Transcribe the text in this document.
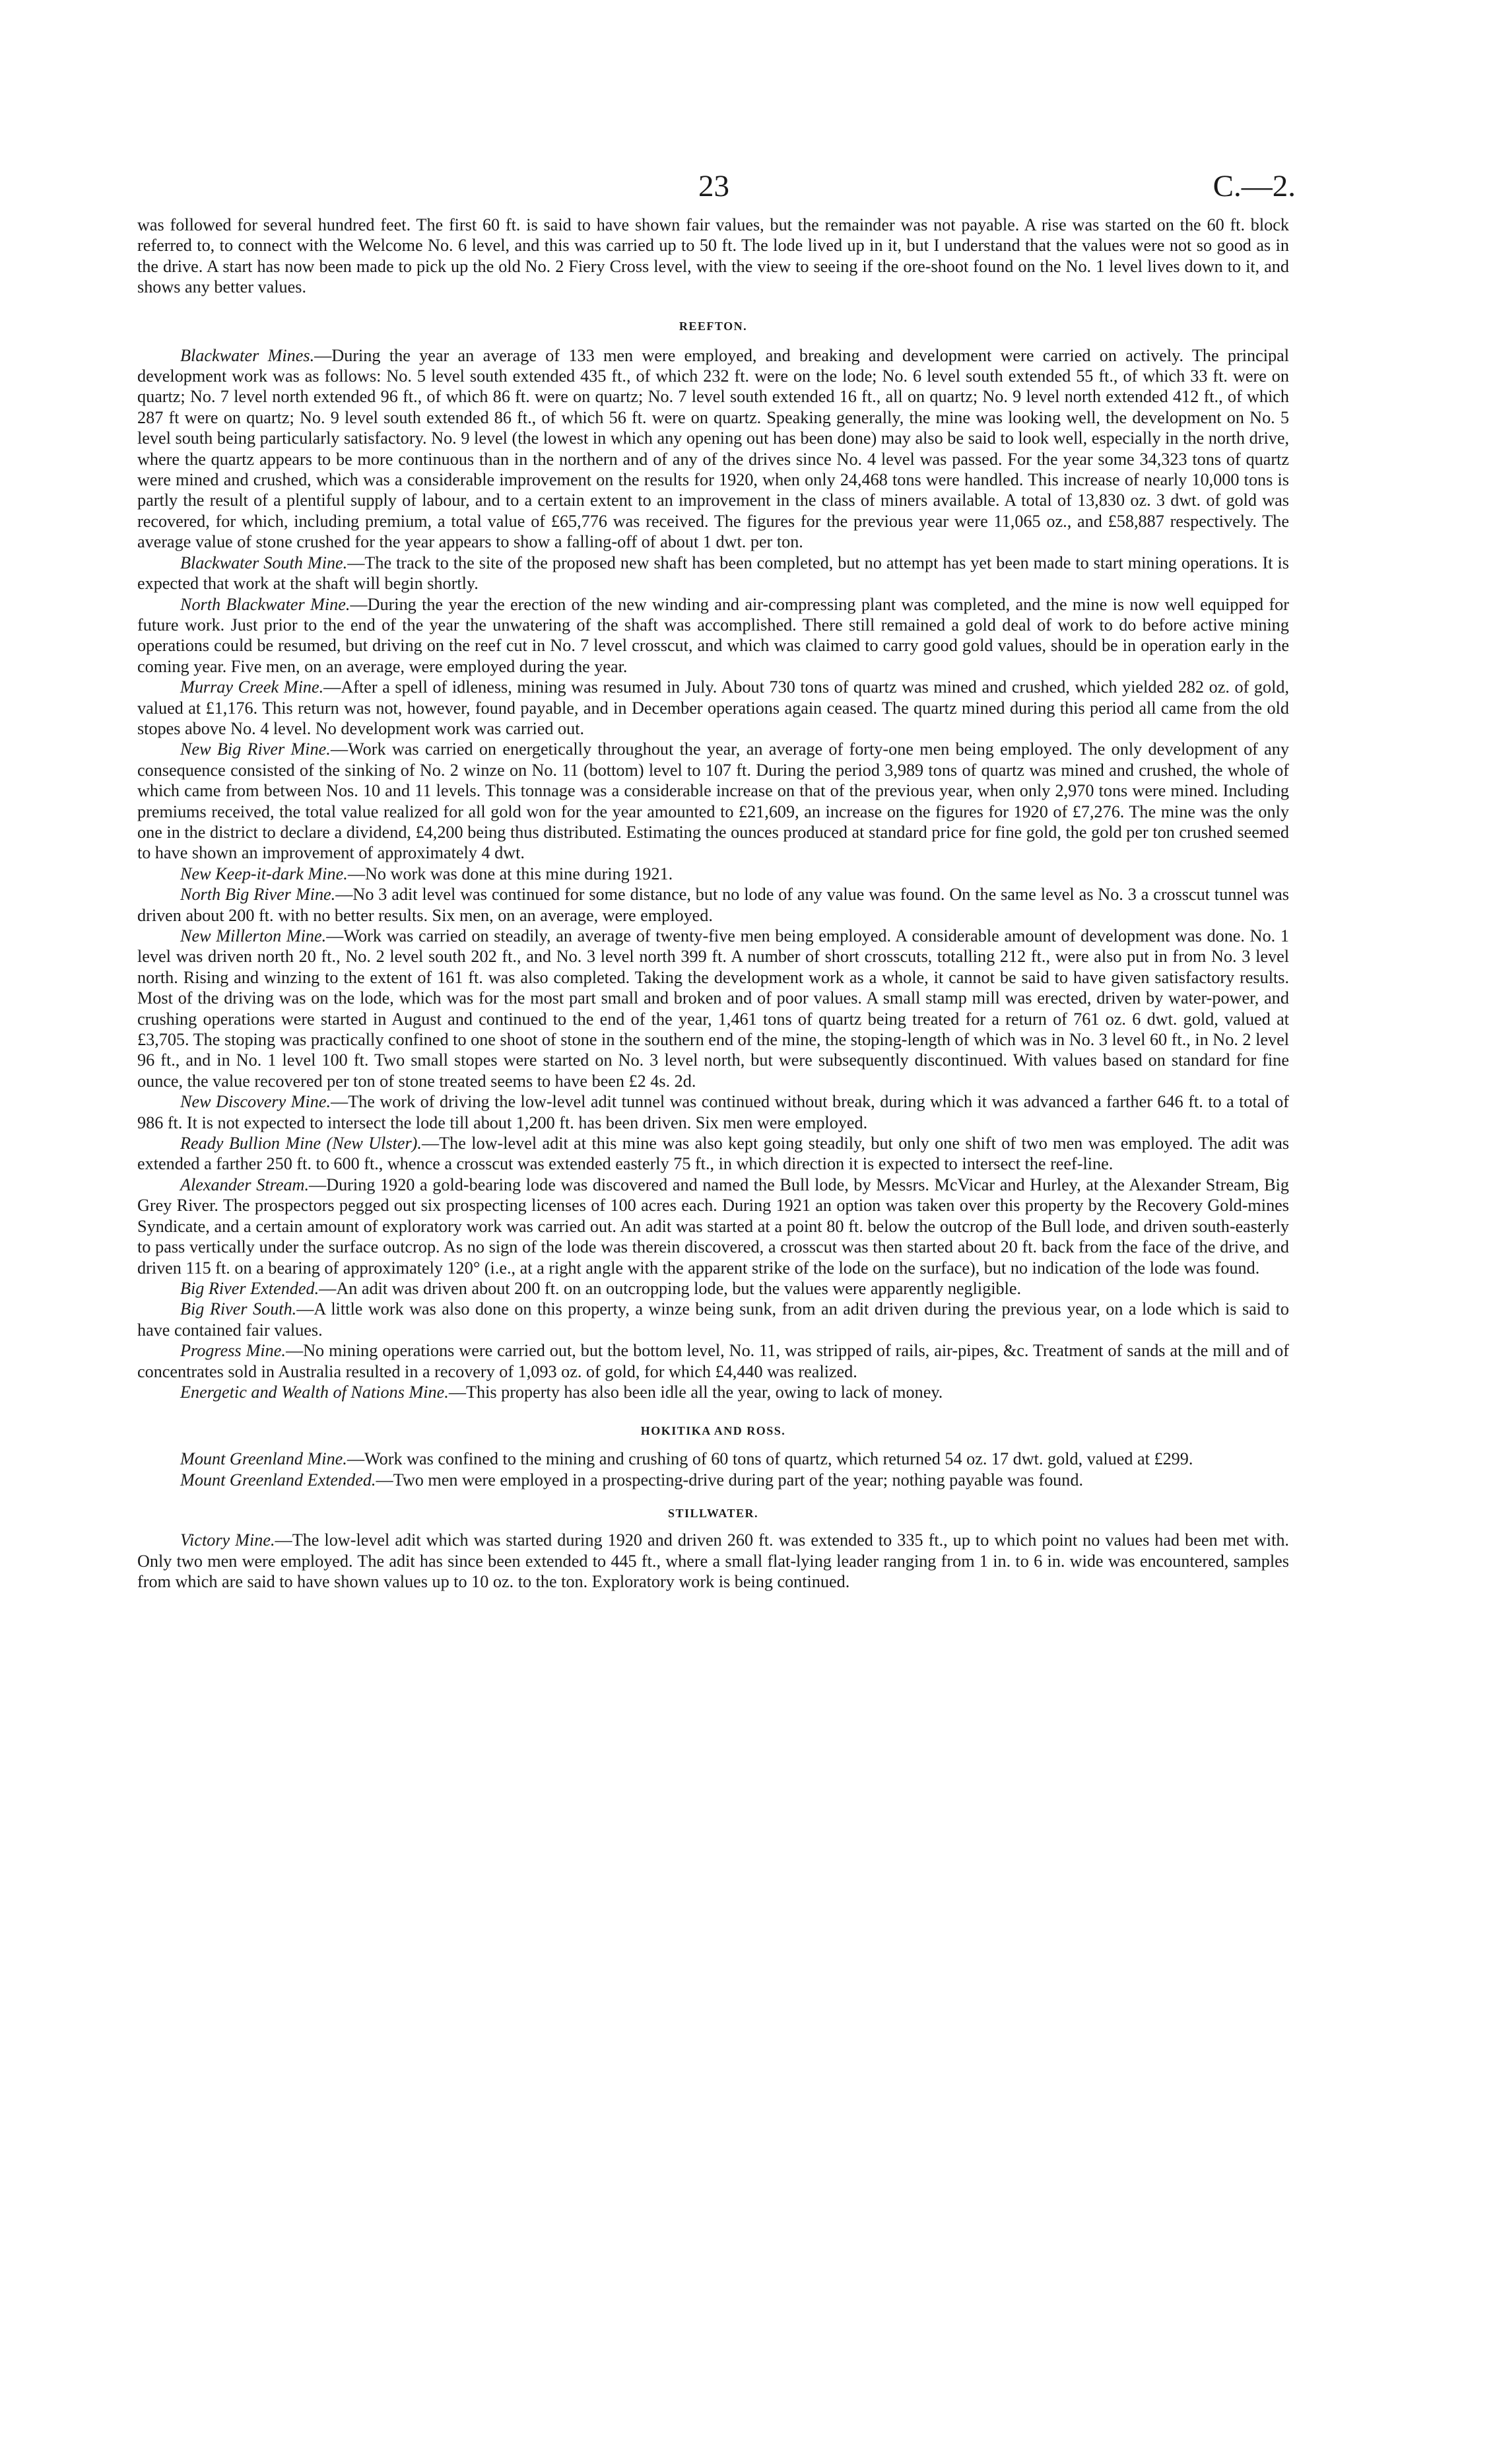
23	C.—2.

was followed for several hundred feet. The first 60 ft. is said to have shown fair values, but the remainder was not payable. A rise was started on the 60 ft. block referred to, to connect with the Welcome No. 6 level, and this was carried up to 50 ft. The lode lived up in it, but I understand that the values were not so good as in the drive. A start has now been made to pick up the old No. 2 Fiery Cross level, with the view to seeing if the ore-shoot found on the No. 1 level lives down to it, and shows any better values.

REEFTON.

Blackwater Mines.—During the year an average of 133 men were employed, and breaking and development were carried on actively. The principal development work was as follows: No. 5 level south extended 435 ft., of which 232 ft. were on the lode; No. 6 level south extended 55 ft., of which 33 ft. were on quartz; No. 7 level north extended 96 ft., of which 86 ft. were on quartz; No. 7 level south extended 16 ft., all on quartz; No. 9 level north extended 412 ft., of which 287 ft were on quartz; No. 9 level south extended 86 ft., of which 56 ft. were on quartz. Speaking generally, the mine was looking well, the development on No. 5 level south being particularly satisfactory. No. 9 level (the lowest in which any opening out has been done) may also be said to look well, especially in the north drive, where the quartz appears to be more continuous than in the northern and of any of the drives since No. 4 level was passed. For the year some 34,323 tons of quartz were mined and crushed, which was a considerable improvement on the results for 1920, when only 24,468 tons were handled. This increase of nearly 10,000 tons is partly the result of a plentiful supply of labour, and to a certain extent to an improvement in the class of miners available. A total of 13,830 oz. 3 dwt. of gold was recovered, for which, including premium, a total value of £65,776 was received. The figures for the previous year were 11,065 oz., and £58,887 respectively. The average value of stone crushed for the year appears to show a falling-off of about 1 dwt. per ton.

Blackwater South Mine.—The track to the site of the proposed new shaft has been completed, but no attempt has yet been made to start mining operations. It is expected that work at the shaft will begin shortly.

North Blackwater Mine.—During the year the erection of the new winding and air-compressing plant was completed, and the mine is now well equipped for future work. Just prior to the end of the year the unwatering of the shaft was accomplished. There still remained a gold deal of work to do before active mining operations could be resumed, but driving on the reef cut in No. 7 level crosscut, and which was claimed to carry good gold values, should be in operation early in the coming year. Five men, on an average, were employed during the year.

Murray Creek Mine.—After a spell of idleness, mining was resumed in July. About 730 tons of quartz was mined and crushed, which yielded 282 oz. of gold, valued at £1,176. This return was not, however, found payable, and in December operations again ceased. The quartz mined during this period all came from the old stopes above No. 4 level. No development work was carried out.

New Big River Mine.—Work was carried on energetically throughout the year, an average of forty-one men being employed. The only development of any consequence consisted of the sinking of No. 2 winze on No. 11 (bottom) level to 107 ft. During the period 3,989 tons of quartz was mined and crushed, the whole of which came from between Nos. 10 and 11 levels. This tonnage was a considerable increase on that of the previous year, when only 2,970 tons were mined. Including premiums received, the total value realized for all gold won for the year amounted to £21,609, an increase on the figures for 1920 of £7,276. The mine was the only one in the district to declare a dividend, £4,200 being thus distributed. Estimating the ounces produced at standard price for fine gold, the gold per ton crushed seemed to have shown an improvement of approximately 4 dwt.

New Keep-it-dark Mine.—No work was done at this mine during 1921.

North Big River Mine.—No 3 adit level was continued for some distance, but no lode of any value was found. On the same level as No. 3 a crosscut tunnel was driven about 200 ft. with no better results. Six men, on an average, were employed.

New Millerton Mine.—Work was carried on steadily, an average of twenty-five men being employed. A considerable amount of development was done. No. 1 level was driven north 20 ft., No. 2 level south 202 ft., and No. 3 level north 399 ft. A number of short crosscuts, totalling 212 ft., were also put in from No. 3 level north. Rising and winzing to the extent of 161 ft. was also completed. Taking the development work as a whole, it cannot be said to have given satisfactory results. Most of the driving was on the lode, which was for the most part small and broken and of poor values. A small stamp mill was erected, driven by water-power, and crushing operations were started in August and continued to the end of the year, 1,461 tons of quartz being treated for a return of 761 oz. 6 dwt. gold, valued at £3,705. The stoping was practically confined to one shoot of stone in the southern end of the mine, the stoping-length of which was in No. 3 level 60 ft., in No. 2 level 96 ft., and in No. 1 level 100 ft. Two small stopes were started on No. 3 level north, but were subsequently discontinued. With values based on standard for fine ounce, the value recovered per ton of stone treated seems to have been £2 4s. 2d.

New Discovery Mine.—The work of driving the low-level adit tunnel was continued without break, during which it was advanced a farther 646 ft. to a total of 986 ft. It is not expected to intersect the lode till about 1,200 ft. has been driven. Six men were employed.

Ready Bullion Mine (New Ulster).—The low-level adit at this mine was also kept going steadily, but only one shift of two men was employed. The adit was extended a farther 250 ft. to 600 ft., whence a crosscut was extended easterly 75 ft., in which direction it is expected to intersect the reef-line.

Alexander Stream.—During 1920 a gold-bearing lode was discovered and named the Bull lode, by Messrs. McVicar and Hurley, at the Alexander Stream, Big Grey River. The prospectors pegged out six prospecting licenses of 100 acres each. During 1921 an option was taken over this property by the Recovery Gold-mines Syndicate, and a certain amount of exploratory work was carried out. An adit was started at a point 80 ft. below the outcrop of the Bull lode, and driven south-easterly to pass vertically under the surface outcrop. As no sign of the lode was therein discovered, a crosscut was then started about 20 ft. back from the face of the drive, and driven 115 ft. on a bearing of approximately 120° (i.e., at a right angle with the apparent strike of the lode on the surface), but no indication of the lode was found.

Big River Extended.—An adit was driven about 200 ft. on an outcropping lode, but the values were apparently negligible.

Big River South.—A little work was also done on this property, a winze being sunk, from an adit driven during the previous year, on a lode which is said to have contained fair values.

Progress Mine.—No mining operations were carried out, but the bottom level, No. 11, was stripped of rails, air-pipes, &c. Treatment of sands at the mill and of concentrates sold in Australia resulted in a recovery of 1,093 oz. of gold, for which £4,440 was realized.

Energetic and Wealth of Nations Mine.—This property has also been idle all the year, owing to lack of money.

HOKITIKA AND ROSS.

Mount Greenland Mine.—Work was confined to the mining and crushing of 60 tons of quartz, which returned 54 oz. 17 dwt. gold, valued at £299.

Mount Greenland Extended.—Two men were employed in a prospecting-drive during part of the year; nothing payable was found.

STILLWATER.

Victory Mine.—The low-level adit which was started during 1920 and driven 260 ft. was extended to 335 ft., up to which point no values had been met with. Only two men were employed. The adit has since been extended to 445 ft., where a small flat-lying leader ranging from 1 in. to 6 in. wide was encountered, samples from which are said to have shown values up to 10 oz. to the ton. Exploratory work is being continued.
